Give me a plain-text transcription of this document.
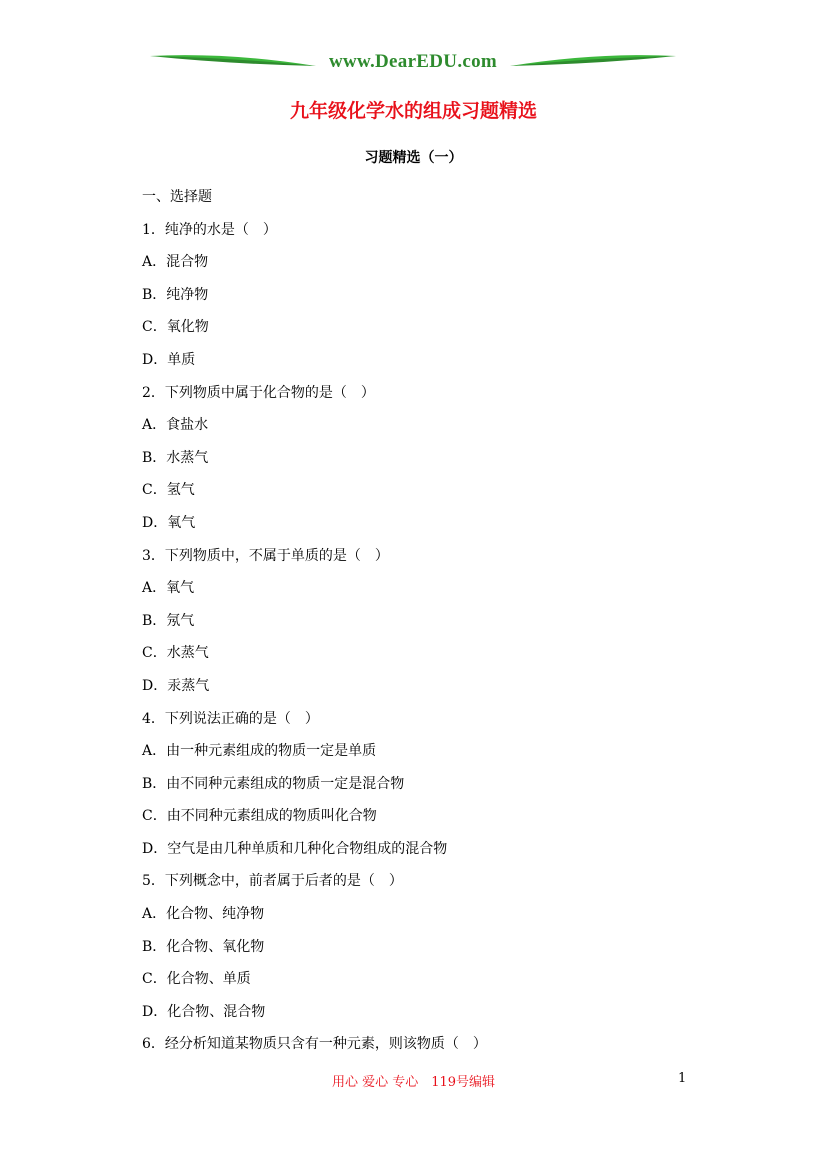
www.DearEDU.com
九年级化学水的组成习题精选
习题精选（一）
一、选择题
1．纯净的水是（　）
A．混合物
B．纯净物
C．氧化物
D．单质
2．下列物质中属于化合物的是（　）
A．食盐水
B．水蒸气
C．氢气
D．氧气
3．下列物质中，不属于单质的是（　）
A．氧气
B．氖气
C．水蒸气
D．汞蒸气
4．下列说法正确的是（　）
A．由一种元素组成的物质一定是单质
B．由不同种元素组成的物质一定是混合物
C．由不同种元素组成的物质叫化合物
D．空气是由几种单质和几种化合物组成的混合物
5．下列概念中，前者属于后者的是（　）
A．化合物、纯净物
B．化合物、氧化物
C．化合物、单质
D．化合物、混合物
6．经分析知道某物质只含有一种元素，则该物质（　）
用心 爱心 专心　119号编辑	1
